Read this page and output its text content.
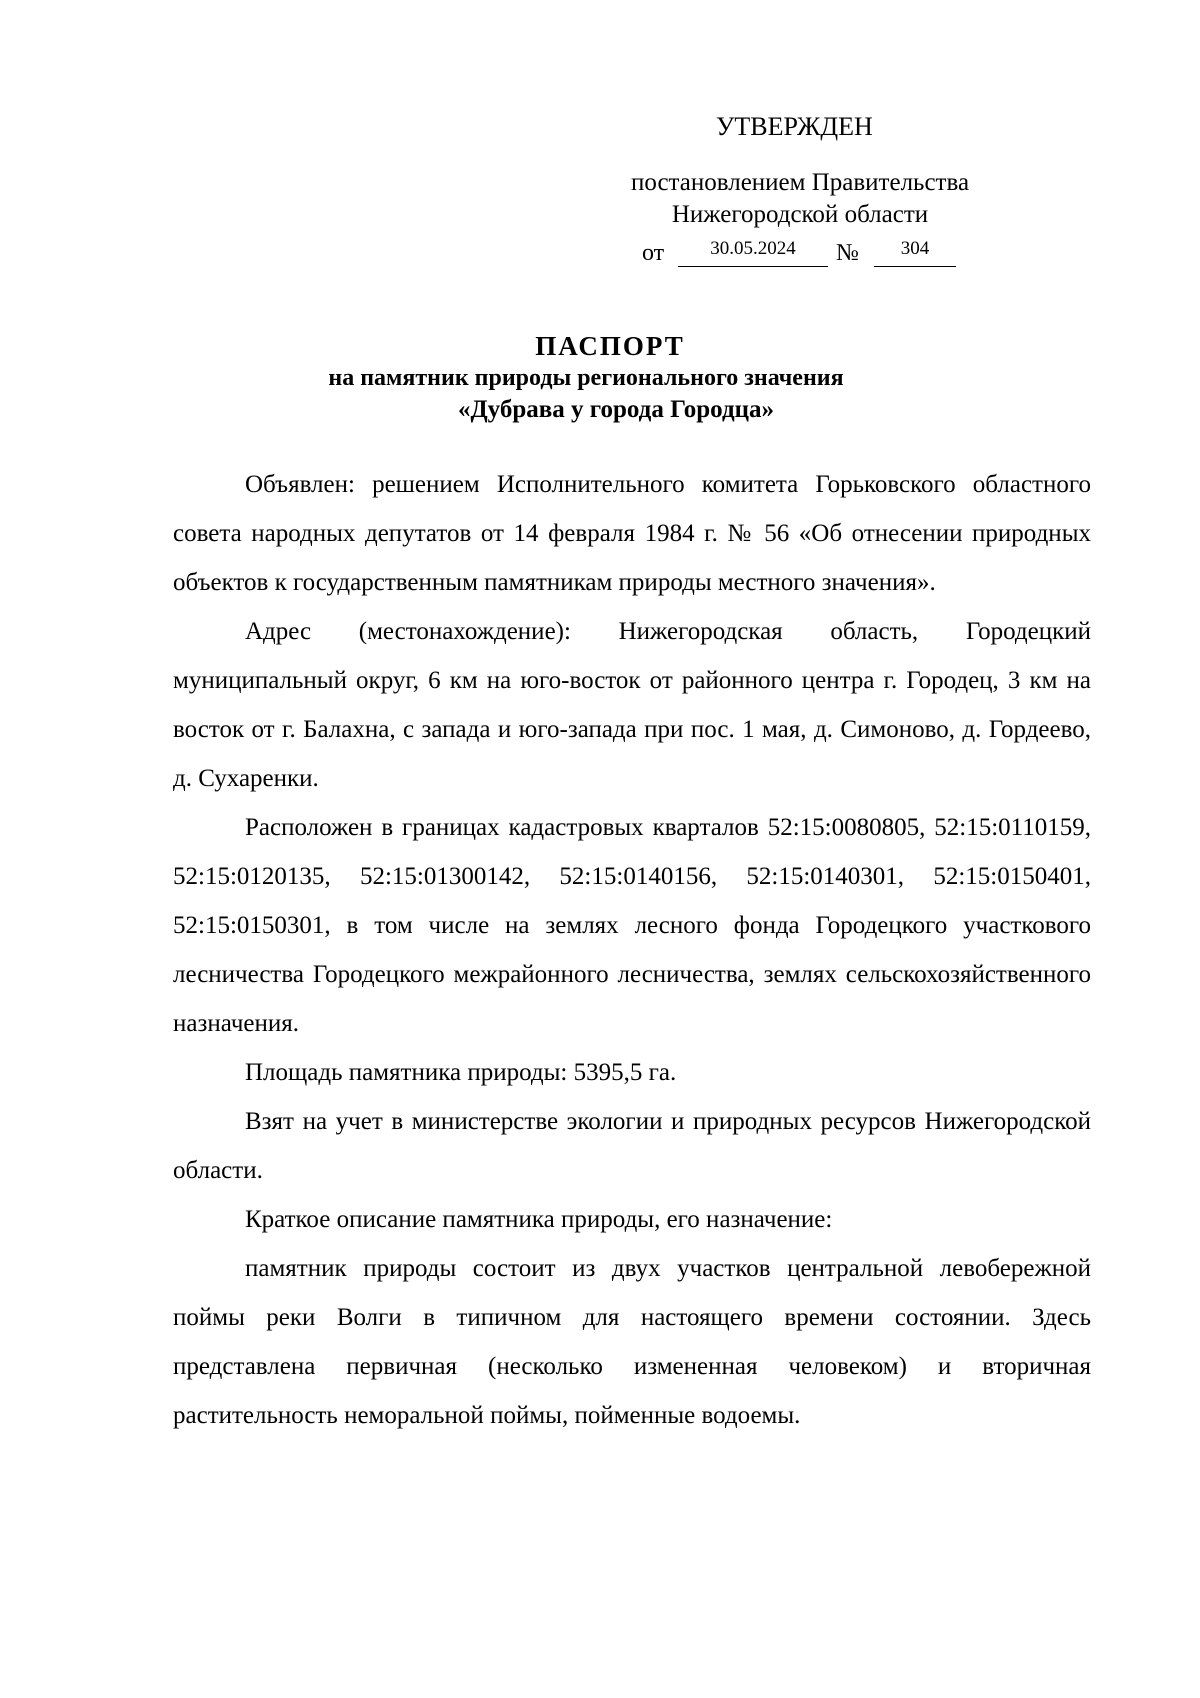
УТВЕРЖДЕН
постановлением Правительства
Нижегородской области
от	30.05.2024	№	304
ПАСПОРТ
на памятник природы регионального значения
«Дубрава у города Городца»

Объявлен: решением Исполнительного комитета Горьковского областного совета народных депутатов от 14 февраля 1984 г. № 56 «Об отнесении природных объектов к государственным памятникам природы местного значения».

Адрес (местонахождение): Нижегородская область, Городецкий муниципальный округ, 6 км на юго-восток от районного центра г. Городец, 3 км на восток от г. Балахна, с запада и юго-запада при пос. 1 мая, д. Симоново, д. Гордеево, д. Сухаренки.

Расположен в границах кадастровых кварталов 52:15:0080805, 52:15:0110159, 52:15:0120135, 52:15:01300142, 52:15:0140156, 52:15:0140301, 52:15:0150401, 52:15:0150301, в том числе на землях лесного фонда Городецкого участкового лесничества Городецкого межрайонного лесничества, землях сельскохозяйственного назначения.

Площадь памятника природы: 5395,5 га.

Взят на учет в министерстве экологии и природных ресурсов Нижегородской области.

Краткое описание памятника природы, его назначение:

памятник природы состоит из двух участков центральной левобережной поймы реки Волги в типичном для настоящего времени состоянии. Здесь представлена первичная (несколько измененная человеком) и вторичная растительность неморальной поймы, пойменные водоемы.
